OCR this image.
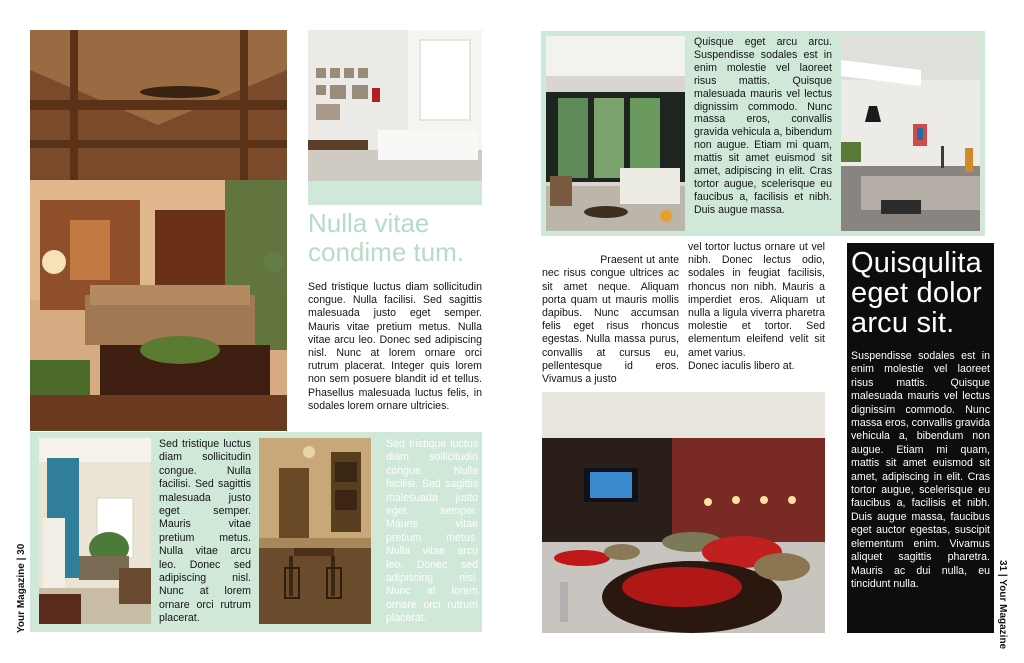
Nulla vitae condime tum.

Sed tristique luctus diam sollicitudin congue. Nulla facilisi. Sed sagittis malesuada justo eget semper. Mauris vitae pretium metus. Nulla vitae arcu leo. Donec sed adipiscing nisl. Nunc at lorem ornare orci rutrum placerat. Integer quis lorem non sem posuere blandit id et tellus. Phasellus malesuada luctus felis, in sodales lorem ornare ultricies.

Sed tristique luctus diam sollicitudin congue. Nulla facilisi. Sed sagittis malesuada justo eget semper. Mauris vitae pretium metus. Nulla vitae arcu leo. Donec sed adipiscing nisl. Nunc at lorem ornare orci rutrum placerat.

Sed tristique luctus diam sollicitudin congue. Nulla facilisi. Sed sagittis malesuada justo eget semper. Mauris vitae pretium metus. Nulla vitae arcu leo. Donec sed adipiscing nisl. Nunc at lorem ornare orci rutrum placerat.

Your Magazine | 30

Quisque eget arcu arcu. Suspendisse sodales est in enim molestie vel laoreet risus mattis. Quisque malesuada mauris vel lectus dignissim commodo. Nunc massa eros, convallis gravida vehicula a, bibendum non augue. Etiam mi quam, mattis sit amet euismod sit amet, adipiscing in elit. Cras tortor augue, scelerisque eu faucibus a, facilisis et nibh. Duis augue massa.

Cras aliquam pulvinar malesuada. Praesent ut ante nec risus congue ultrices ac sit amet neque. Aliquam porta quam ut mauris mollis dapibus. Nunc accumsan felis eget risus rhoncus egestas. Nulla massa purus, convallis at cursus eu, pellentesque id eros. Vivamus a justo

vel tortor luctus ornare ut vel nibh. Donec lectus odio, sodales in feugiat facilisis, rhoncus non nibh. Mauris a imperdiet eros. Aliquam ut nulla a ligula viverra pharetra molestie et tortor. Sed elementum eleifend velit sit amet varius.

Donec iaculis libero at.

Quisqulita eget dolor arcu sit.

Suspendisse sodales est in enim molestie vel laoreet risus mattis. Quisque malesuada mauris vel lectus dignissim commodo. Nunc massa eros, convallis gravida vehicula a, bibendum non augue. Etiam mi quam, mattis sit amet euismod sit amet, adipiscing in elit. Cras tortor augue, scelerisque eu faucibus a, facilisis et nibh. Duis augue massa, faucibus eget auctor egestas, suscipit elementum enim. Vivamus aliquet sagittis pharetra. Mauris ac dui nulla, eu tincidunt nulla.	31 | Your Magazine
